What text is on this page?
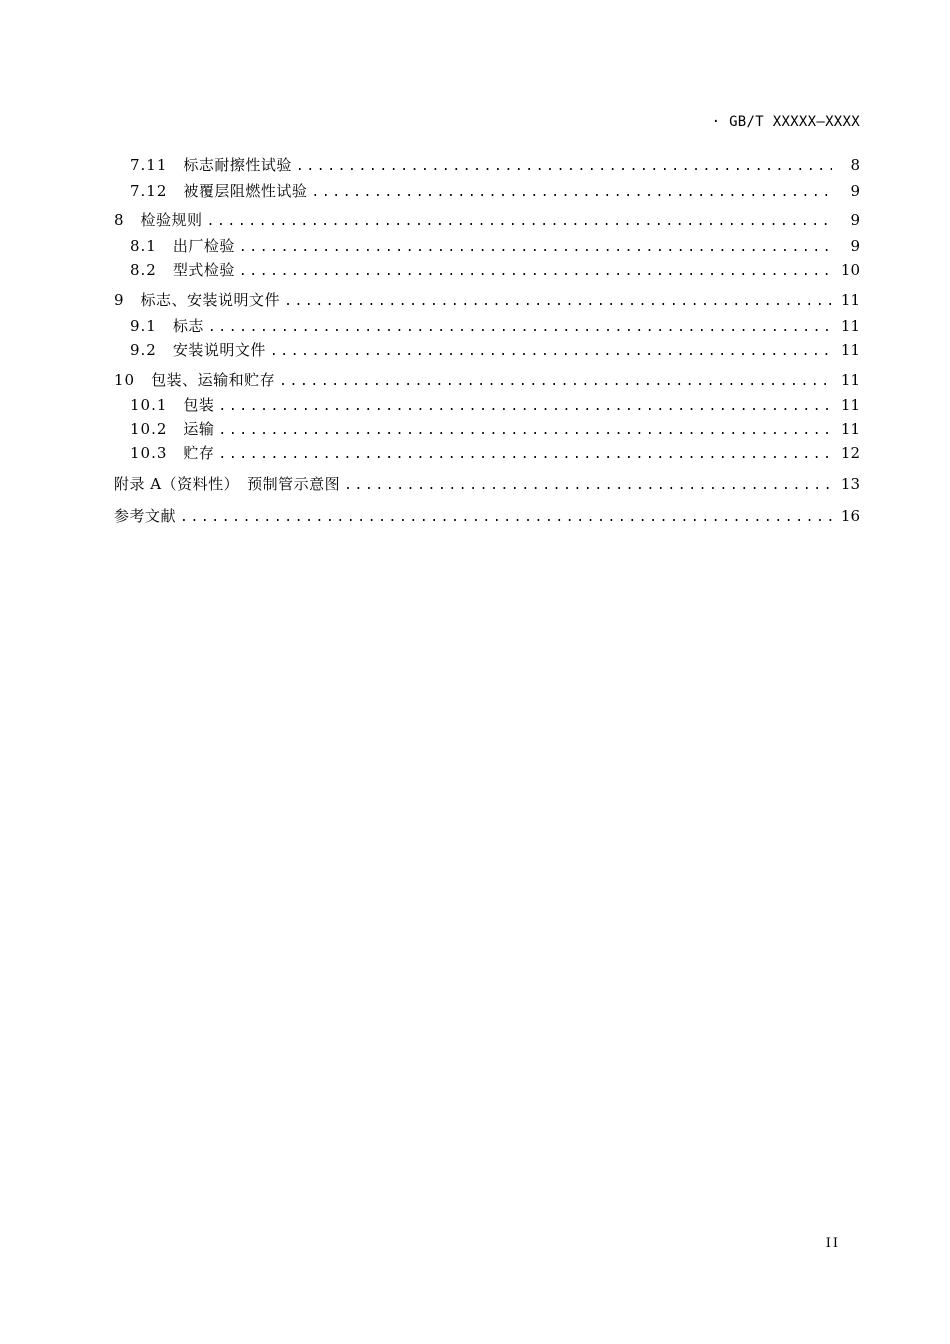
· GB/T XXXXX—XXXX
7.11 标志耐擦性试验 .....	8
7.12 被覆层阻燃性试验 .....	9
8 检验规则 .....	9
8.1 出厂检验 .....	9
8.2 型式检验 .....	10
9 标志、安装说明文件 .....	11
9.1 标志 .....	11
9.2 安装说明文件 .....	11
10 包装、运输和贮存 .....	11
10.1 包装 .....	11
10.2 运输 .....	11
10.3 贮存 .....	12
附录 A（资料性）　预制管示意图 .....	13
参考文献 .....	16
II
